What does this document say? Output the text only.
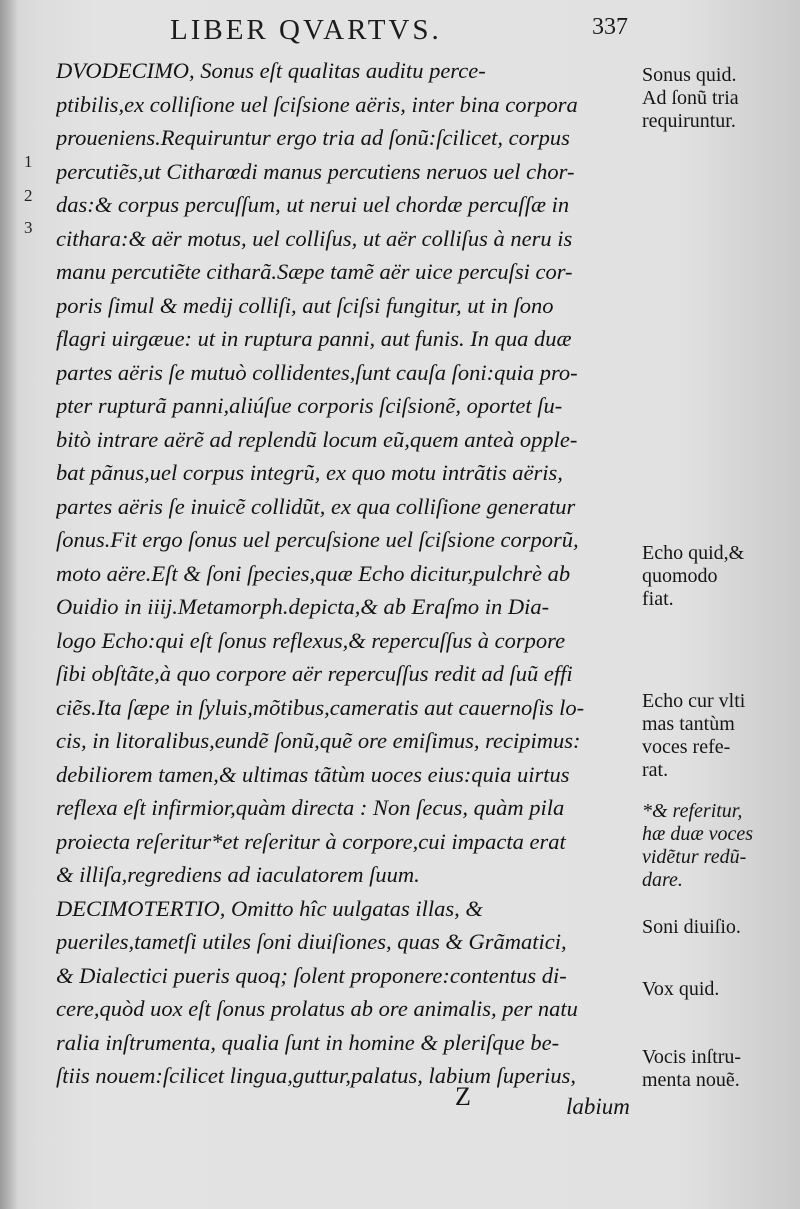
LIBER QVARTVS.	337

1
2
3
DVODECIMO, Sonus eſt qualitas auditu perce-
ptibilis,ex colliſione uel ſciſsione aëris, inter bina corpora
proueniens.Requiruntur ergo tria ad ſonũ:ſcilicet, corpus
percutiẽs,ut Citharœdi manus percutiens neruos uel chor-
das:& corpus percuſſum, ut nerui uel chordæ percuſſæ in
cithara:& aër motus, uel colliſus, ut aër colliſus à neru is
manu percutiẽte citharã.Sæpe tamẽ aër uice percuſsi cor-
poris ſimul & medij colliſi, aut ſciſsi fungitur, ut in ſono
flagri uirgæue: ut in ruptura panni, aut funis. In qua duæ
partes aëris ſe mutuò collidentes,ſunt cauſa ſoni:quia pro-
pter rupturã panni,aliúſue corporis ſciſsionẽ, oportet ſu-
bitò intrare aërẽ ad replendũ locum eũ,quem anteà opple-
bat pãnus,uel corpus integrũ, ex quo motu intrãtis aëris,
partes aëris ſe inuicẽ collidũt, ex qua colliſione generatur
ſonus.Fit ergo ſonus uel percuſsione uel ſciſsione corporũ,
moto aëre.Eſt & ſoni ſpecies,quæ Echo dicitur,pulchrè ab
Ouidio in iiij.Metamorph.depicta,& ab Eraſmo in Dia-
logo Echo:qui eſt ſonus reflexus,& repercuſſus à corpore
ſibi obſtãte,à quo corpore aër repercuſſus redit ad ſuũ effi
ciẽs.Ita ſæpe in ſyluis,mõtibus,cameratis aut cauernoſis lo-
cis, in litoralibus,eundẽ ſonũ,quẽ ore emiſimus, recipimus:
debiliorem tamen,& ultimas tãtùm uoces eius:quia uirtus
reflexa eſt infirmior,quàm directa : Non ſecus, quàm pila
proiecta reſeritur*et reſeritur à corpore,cui impacta erat
& illiſa,regrediens ad iaculatorem ſuum.
DECIMOTERTIO, Omitto hîc uulgatas illas, &
pueriles,tametſi utiles ſoni diuiſiones, quas & Grãmatici,
& Dialectici pueris quoq; ſolent proponere:contentus di-
cere,quòd uox eſt ſonus prolatus ab ore animalis, per natu
ralia inſtrumenta, qualia ſunt in homine & pleriſque be-
ſtiis nouem:ſcilicet lingua,guttur,palatus, labium ſuperius,
Sonus quid.
Ad ſonũ tria
requiruntur.
Echo quid,&
quomodo
fiat.
Echo cur vlti
mas tantùm
voces refe-
rat.
*& referitur,
hæ duæ voces
vidẽtur redũ-
dare.
Soni diuiſio.
Vox quid.
Vocis inſtru-
menta nouẽ.
Z	labium
